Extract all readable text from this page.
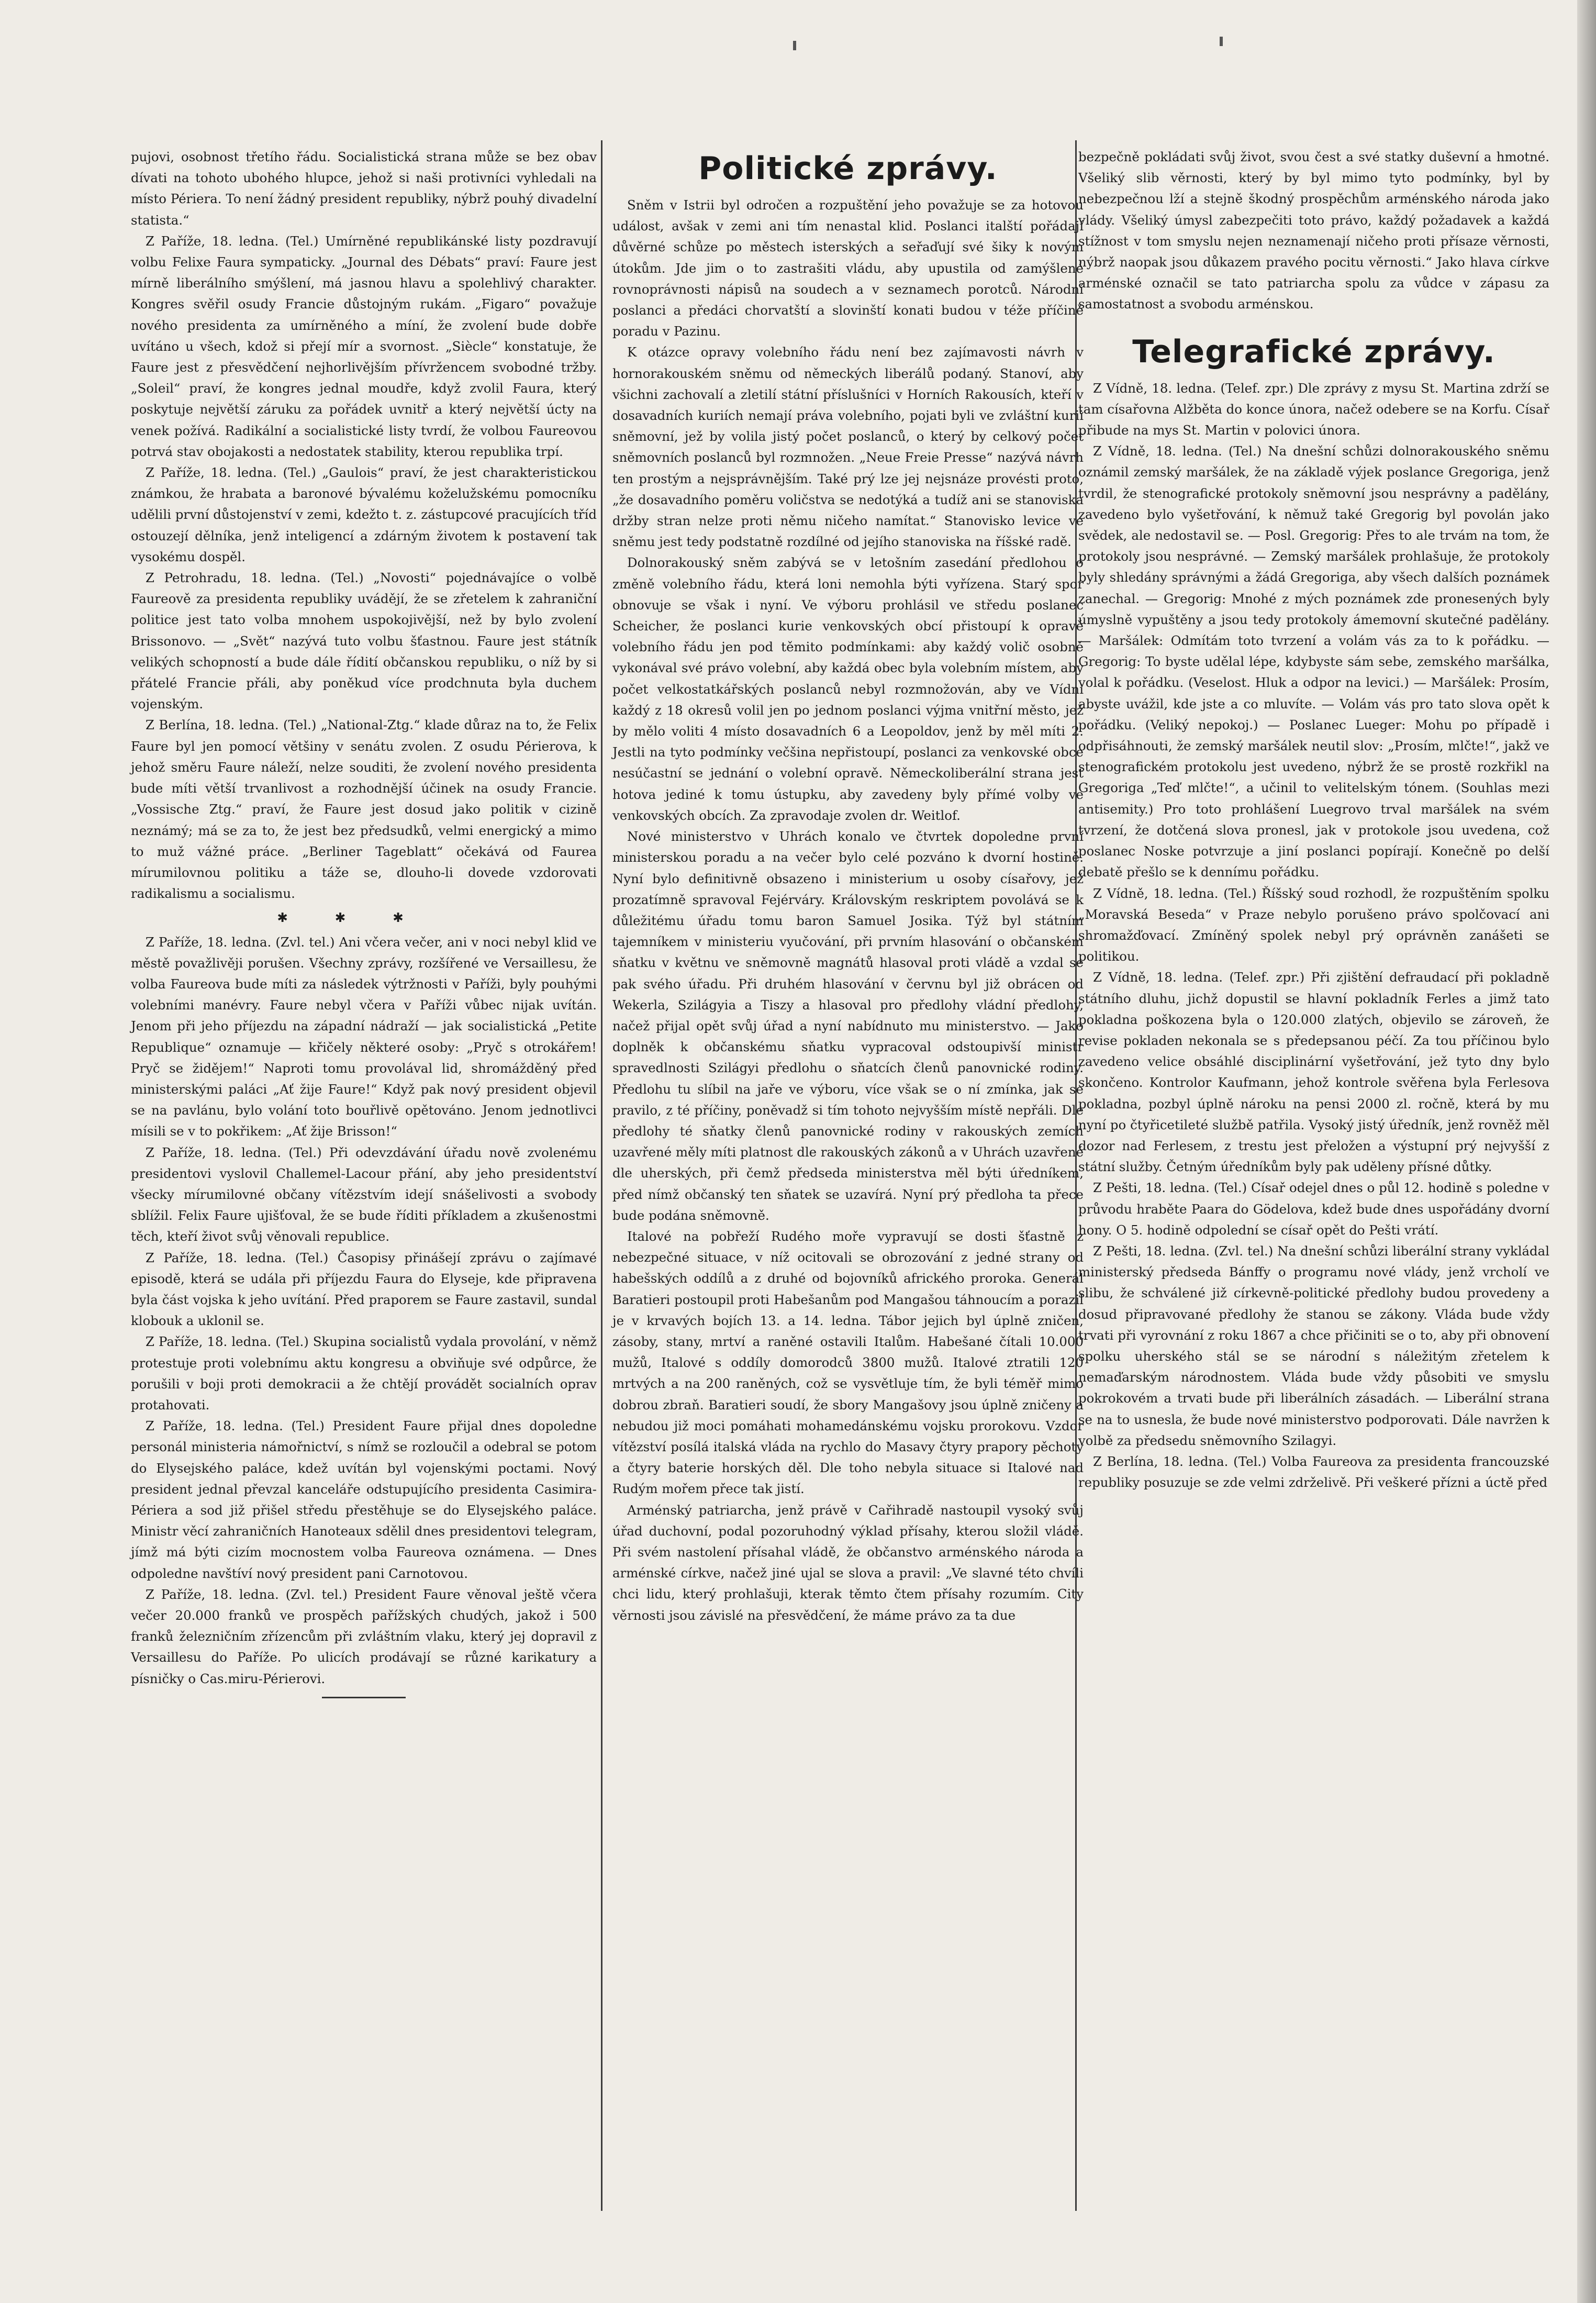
pujovi, osobnost třetího řádu. Socialistická strana může se bez obav dívati na tohoto ubohého hlupce, jehož si naši protivníci vyhledali na místo Périera. To není žádný president republiky, nýbrž pouhý divadelní statista.“

Z Paříže, 18. ledna. (Tel.) Umírněné republikánské listy pozdravují volbu Felixe Faura sympaticky. „Journal des Débats“ praví: Faure jest mírně liberálního smýšlení, má jasnou hlavu a spolehlivý charakter. Kongres svěřil osudy Francie důstojným rukám. „Figaro“ považuje nového presidenta za umírněného a míní, že zvolení bude dobře uvítáno u všech, kdož si přejí mír a svornost. „Siècle“ konstatuje, že Faure jest z přesvědčení nejhorlivějším přívržencem svobodné tržby. „Soleil“ praví, že kongres jednal moudře, když zvolil Faura, který poskytuje největší záruku za pořádek uvnitř a který největší úcty na venek požívá. Radikální a socialistické listy tvrdí, že volbou Faureovou potrvá stav obojakosti a nedostatek stability, kterou republika trpí.

Z Paříže, 18. ledna. (Tel.) „Gaulois“ praví, že jest charakteristickou známkou, že hrabata a baronové bývalému koželužskému pomocníku udělili první důstojenství v zemi, kdežto t. z. zástupcové pracujících tříd ostouzejí dělníka, jenž inteligencí a zdárným životem k postavení tak vysokému dospěl.

Z Petrohradu, 18. ledna. (Tel.) „Novosti“ pojednávajíce o volbě Faureově za presidenta republiky uvádějí, že se zřetelem k zahraniční politice jest tato volba mnohem uspokojivější, než by bylo zvolení Brissonovo. — „Svět“ nazývá tuto volbu šťastnou. Faure jest státník velikých schopností a bude dále řídití občanskou republiku, o níž by si přátelé Francie přáli, aby poněkud více prodchnuta byla duchem vojenským.

Z Berlína, 18. ledna. (Tel.) „National-Ztg.“ klade důraz na to, že Felix Faure byl jen pomocí většiny v senátu zvolen. Z osudu Périerova, k jehož směru Faure náleží, nelze souditi, že zvolení nového presidenta bude míti větší trvanlivost a rozhodnější účinek na osudy Francie. „Vossische Ztg.“ praví, že Faure jest dosud jako politik v cizině neznámý; má se za to, že jest bez předsudků, velmi energický a mimo to muž vážné práce. „Berliner Tageblatt“ očekává od Faurea mírumilovnou politiku a táže se, dlouho-li dovede vzdorovati radikalismu a socialismu.

✱✱✱

Z Paříže, 18. ledna. (Zvl. tel.) Ani včera večer, ani v noci nebyl klid ve městě považlivěji porušen. Všechny zprávy, rozšířené ve Versaillesu, že volba Faureova bude míti za následek výtržnosti v Paříži, byly pouhými volebními manévry. Faure nebyl včera v Paříži vůbec nijak uvítán. Jenom při jeho příjezdu na západní nádraží — jak socialistická „Petite Republique“ oznamuje — křičely některé osoby: „Pryč s otrokářem! Pryč se židějem!“ Naproti tomu provolával lid, shromážděný před ministerskými paláci „Ať žije Faure!“ Když pak nový president objevil se na pavlánu, bylo volání toto bouřlivě opětováno. Jenom jednotlivci mísili se v to pokřikem: „Ať žije Brisson!“

Z Paříže, 18. ledna. (Tel.) Při odevzdávání úřadu nově zvolenému presidentovi vyslovil Challemel-Lacour přání, aby jeho presidentství všecky mírumilovné občany vítězstvím idejí snášelivosti a svobody sblížil. Felix Faure ujišťoval, že se bude říditi příkladem a zkušenostmi těch, kteří život svůj věnovali republice.

Z Paříže, 18. ledna. (Tel.) Časopisy přinášejí zprávu o zajímavé episodě, která se udála při příjezdu Faura do Elyseje, kde připravena byla část vojska k jeho uvítání. Před praporem se Faure zastavil, sundal klobouk a uklonil se.

Z Paříže, 18. ledna. (Tel.) Skupina socialistů vydala provolání, v němž protestuje proti volebnímu aktu kongresu a obviňuje své odpůrce, že porušili v boji proti demokracii a že chtějí provádět socialních oprav protahovati.

Z Paříže, 18. ledna. (Tel.) President Faure přijal dnes dopoledne personál ministeria námořnictví, s nímž se rozloučil a odebral se potom do Elysejského paláce, kdež uvítán byl vojenskými poctami. Nový president jednal převzal kanceláře odstupujícího presidenta Casimira-Périera a sod již přišel středu přestěhuje se do Elysejského paláce. Ministr věcí zahraničních Hanoteaux sdělil dnes presidentovi telegram, jímž má býti cizím mocnostem volba Faureova oznámena. — Dnes odpoledne navštíví nový president pani Carnotovou.

Z Paříže, 18. ledna. (Zvl. tel.) President Faure věnoval ještě včera večer 20.000 franků ve prospěch pařížských chudých, jakož i 500 franků železničním zřízencům při zvláštním vlaku, který jej dopravil z Versaillesu do Paříže. Po ulicích prodávají se různé karikatury a písničky o Cas.miru-Périerovi.

Politické zprávy.

Sněm v Istrii byl odročen a rozpuštění jeho považuje se za hotovou událost, avšak v zemi ani tím nenastal klid. Poslanci italští pořádají důvěrné schůze po městech isterských a seřaďují své šiky k novým útokům. Jde jim o to zastrašiti vládu, aby upustila od zamýšlené rovnoprávnosti nápisů na soudech a v seznamech porotců. Národní poslanci a předáci chorvatští a slovinští konati budou v téže příčině poradu v Pazinu.

K otázce opravy volebního řádu není bez zajímavosti návrh v hornorakouském sněmu od německých liberálů podaný. Stanoví, aby všichni zachovalí a zletilí státní příslušníci v Horních Rakousích, kteří v dosavadních kuriích nemají práva volebního, pojati byli ve zvláštní kurii sněmovní, jež by volila jistý počet poslanců, o který by celkový počet sněmovních poslanců byl rozmnožen. „Neue Freie Presse“ nazývá návrh ten prostým a nejsprávnějším. Také prý lze jej nejsnáze provésti proto, „že dosavadního poměru voličstva se nedotýká a tudíž ani se stanoviska držby stran nelze proti němu ničeho namítat.“ Stanovisko levice ve sněmu jest tedy podstatně rozdílné od jejího stanoviska na říšské radě.

Dolnorakouský sněm zabývá se v letošním zasedání předlohou o změně volebního řádu, která loni nemohla býti vyřízena. Starý spor obnovuje se však i nyní. Ve výboru prohlásil ve středu poslanec Scheicher, že poslanci kurie venkovských obcí přistoupí k opravě volebního řádu jen pod těmito podmínkami: aby každý volič osobně vykonával své právo volební, aby každá obec byla volebním místem, aby počet velkostatkářských poslanců nebyl rozmnožován, aby ve Vídni každý z 18 okresů volil jen po jednom poslanci výjma vnitřní město, jež by mělo voliti 4 místo dosavadních 6 a Leopoldov, jenž by měl míti 2. Jestli na tyto podmínky večšina nepřistoupí, poslanci za venkovské obce nesúčastní se jednání o volební opravě. Německoliberální strana jest hotova jediné k tomu ústupku, aby zavedeny byly přímé volby ve venkovských obcích. Za zpravodaje zvolen dr. Weitlof.

Nové ministerstvo v Uhrách konalo ve čtvrtek dopoledne první ministerskou poradu a na večer bylo celé pozváno k dvorní hostině. Nyní bylo definitivně obsazeno i ministerium u osoby císařovy, jež prozatímně spravoval Fejérváry. Královským reskriptem povolává se k důležitému úřadu tomu baron Samuel Josika. Týž byl státním tajemníkem v ministeriu vyučování, při prvním hlasování o občanském sňatku v květnu ve sněmovně magnátů hlasoval proti vládě a vzdal se pak svého úřadu. Při druhém hlasování v červnu byl již obrácen od Wekerla, Szilágyia a Tiszy a hlasoval pro předlohy vládní předlohy, načež přijal opět svůj úřad a nyní nabídnuto mu ministerstvo. — Jako doplněk k občanskému sňatku vypracoval odstoupivší ministr spravedlnosti Szilágyi předlohu o sňatcích členů panovnické rodiny. Předlohu tu slíbil na jaře ve výboru, více však se o ní zmínka, jak se pravilo, z té příčiny, poněvadž si tím tohoto nejvyšším místě nepřáli. Dle předlohy té sňatky členů panovnické rodiny v rakouských zemích uzavřené měly míti platnost dle rakouských zákonů a v Uhrách uzavřené dle uherských, při čemž předseda ministerstva měl býti úředníkem, před nímž občanský ten sňatek se uzavírá. Nyní prý předloha ta přece bude podána sněmovně.

Italové na pobřeží Rudého moře vypravují se dosti šťastně z nebezpečné situace, v níž ocitovali se obrozování z jedné strany od habešských oddílů a z druhé od bojovníků afrického proroka. Generál Baratieri postoupil proti Habešanům pod Mangašou táhnoucím a porazil je v krvavých bojích 13. a 14. ledna. Tábor jejich byl úplně zničen, zásoby, stany, mrtví a raněné ostavili Italům. Habešané čítali 10.000 mužů, Italové s oddíly domorodců 3800 mužů. Italové ztratili 120 mrtvých a na 200 raněných, což se vysvětluje tím, že byli téměř mimo dobrou zbraň. Baratieri soudí, že sbory Mangašovy jsou úplně zničeny a nebudou již moci pomáhati mohamedánskému vojsku prorokovu. Vzdor vítězství posílá italská vláda na rychlo do Masavy čtyry prapory pěchoty a čtyry baterie horských děl. Dle toho nebyla situace si Italové nad Rudým mořem přece tak jistí.

Arménský patriarcha, jenž právě v Cařihradě nastoupil vysoký svůj úřad duchovní, podal pozoruhodný výklad přísahy, kterou složil vládě. Při svém nastolení přísahal vládě, že občanstvo arménského národa a arménské církve, načež jiné ujal se slova a pravil: „Ve slavné této chvíli chci lidu, který prohlašuji, kterak těmto čtem přísahy rozumím. City věrnosti jsou závislé na přesvědčení, že máme právo za ta due

bezpečně pokládati svůj život, svou čest a své statky duševní a hmotné. Všeliký slib věrnosti, který by byl mimo tyto podmínky, byl by nebezpečnou lží a stejně škodný prospěchům arménského národa jako vlády. Všeliký úmysl zabezpečiti toto právo, každý požadavek a každá stížnost v tom smyslu nejen neznamenají ničeho proti přísaze věrnosti, nýbrž naopak jsou důkazem pravého pocitu věrnosti.“ Jako hlava církve arménské označil se tato patriarcha spolu za vůdce v zápasu za samostatnost a svobodu arménskou.

Telegrafické zprávy.

Z Vídně, 18. ledna. (Telef. zpr.) Dle zprávy z mysu St. Martina zdrží se tam císařovna Alžběta do konce února, načež odebere se na Korfu. Císař přibude na mys St. Martin v polovici února.

Z Vídně, 18. ledna. (Tel.) Na dnešní schůzi dolnorakouského sněmu oznámil zemský maršálek, že na základě výjek poslance Gregoriga, jenž tvrdil, že stenografické protokoly sněmovní jsou nesprávny a padělány, zavedeno bylo vyšetřování, k němuž také Gregorig byl povolán jako svědek, ale nedostavil se. — Posl. Gregorig: Přes to ale trvám na tom, že protokoly jsou nesprávné. — Zemský maršálek prohlašuje, že protokoly byly shledány správnými a žádá Gregoriga, aby všech dalších poznámek zanechal. — Gregorig: Mnohé z mých poznámek zde pronesených byly úmyslně vypuštěny a jsou tedy protokoly ámemovní skutečné padělány. — Maršálek: Odmítám toto tvrzení a volám vás za to k pořádku. — Gregorig: To byste udělal lépe, kdybyste sám sebe, zemského maršálka, volal k pořádku. (Veselost. Hluk a odpor na levici.) — Maršálek: Prosím, abyste uvážil, kde jste a co mluvíte. — Volám vás pro tato slova opět k pořádku. (Veliký nepokoj.) — Poslanec Lueger: Mohu po případě i odpřisáhnouti, že zemský maršálek neutil slov: „Prosím, mlčte!“, jakž ve stenografickém protokolu jest uvedeno, nýbrž že se prostě rozkřikl na Gregoriga „Teď mlčte!“, a učinil to velitelským tónem. (Souhlas mezi antisemity.) Pro toto prohlášení Luegrovo trval maršálek na svém tvrzení, že dotčená slova pronesl, jak v protokole jsou uvedena, což poslanec Noske potvrzuje a jiní poslanci popírají. Konečně po delší debatě přešlo se k dennímu pořádku.

Z Vídně, 18. ledna. (Tel.) Říšský soud rozhodl, že rozpuštěním spolku „Moravská Beseda“ v Praze nebylo porušeno právo spolčovací ani shromažďovací. Zmíněný spolek nebyl prý oprávněn zanášeti se politikou.

Z Vídně, 18. ledna. (Telef. zpr.) Při zjištění defraudací při pokladně státního dluhu, jichž dopustil se hlavní pokladník Ferles a jimž tato pokladna poškozena byla o 120.000 zlatých, objevilo se zároveň, že revise pokladen nekonala se s předepsanou péčí. Za tou příčinou bylo zavedeno velice obsáhlé disciplinární vyšetřování, jež tyto dny bylo skončeno. Kontrolor Kaufmann, jehož kontrole svěřena byla Ferlesova pokladna, pozbyl úplně nároku na pensi 2000 zl. ročně, která by mu nyní po čtyřicetileté službě patřila. Vysoký jistý úředník, jenž rovněž měl dozor nad Ferlesem, z trestu jest přeložen a výstupní prý nejvyšší z státní služby. Četným úředníkům byly pak uděleny přísné důtky.

Z Pešti, 18. ledna. (Tel.) Císař odejel dnes o půl 12. hodině s poledne v průvodu hraběte Paara do Gödelova, kdež bude dnes uspořádány dvorní hony. O 5. hodině odpolední se císař opět do Pešti vrátí.

Z Pešti, 18. ledna. (Zvl. tel.) Na dnešní schůzi liberální strany vykládal ministerský předseda Bánffy o programu nové vlády, jenž vrcholí ve slibu, že schválené již církevně-politické předlohy budou provedeny a dosud připravované předlohy že stanou se zákony. Vláda bude vždy trvati při vyrovnání z roku 1867 a chce přičiniti se o to, aby při obnovení spolku uherského stál se se národní s náležitým zřetelem k nemaďarským národnostem. Vláda bude vždy působiti ve smyslu pokrokovém a trvati bude při liberálních zásadách. — Liberální strana se na to usnesla, že bude nové ministerstvo podporovati. Dále navržen k volbě za předsedu sněmovního Szilagyi.

Z Berlína, 18. ledna. (Tel.) Volba Faureova za presidenta francouzské republiky posuzuje se zde velmi zdrželivě. Při veškeré přízni a úctě před
